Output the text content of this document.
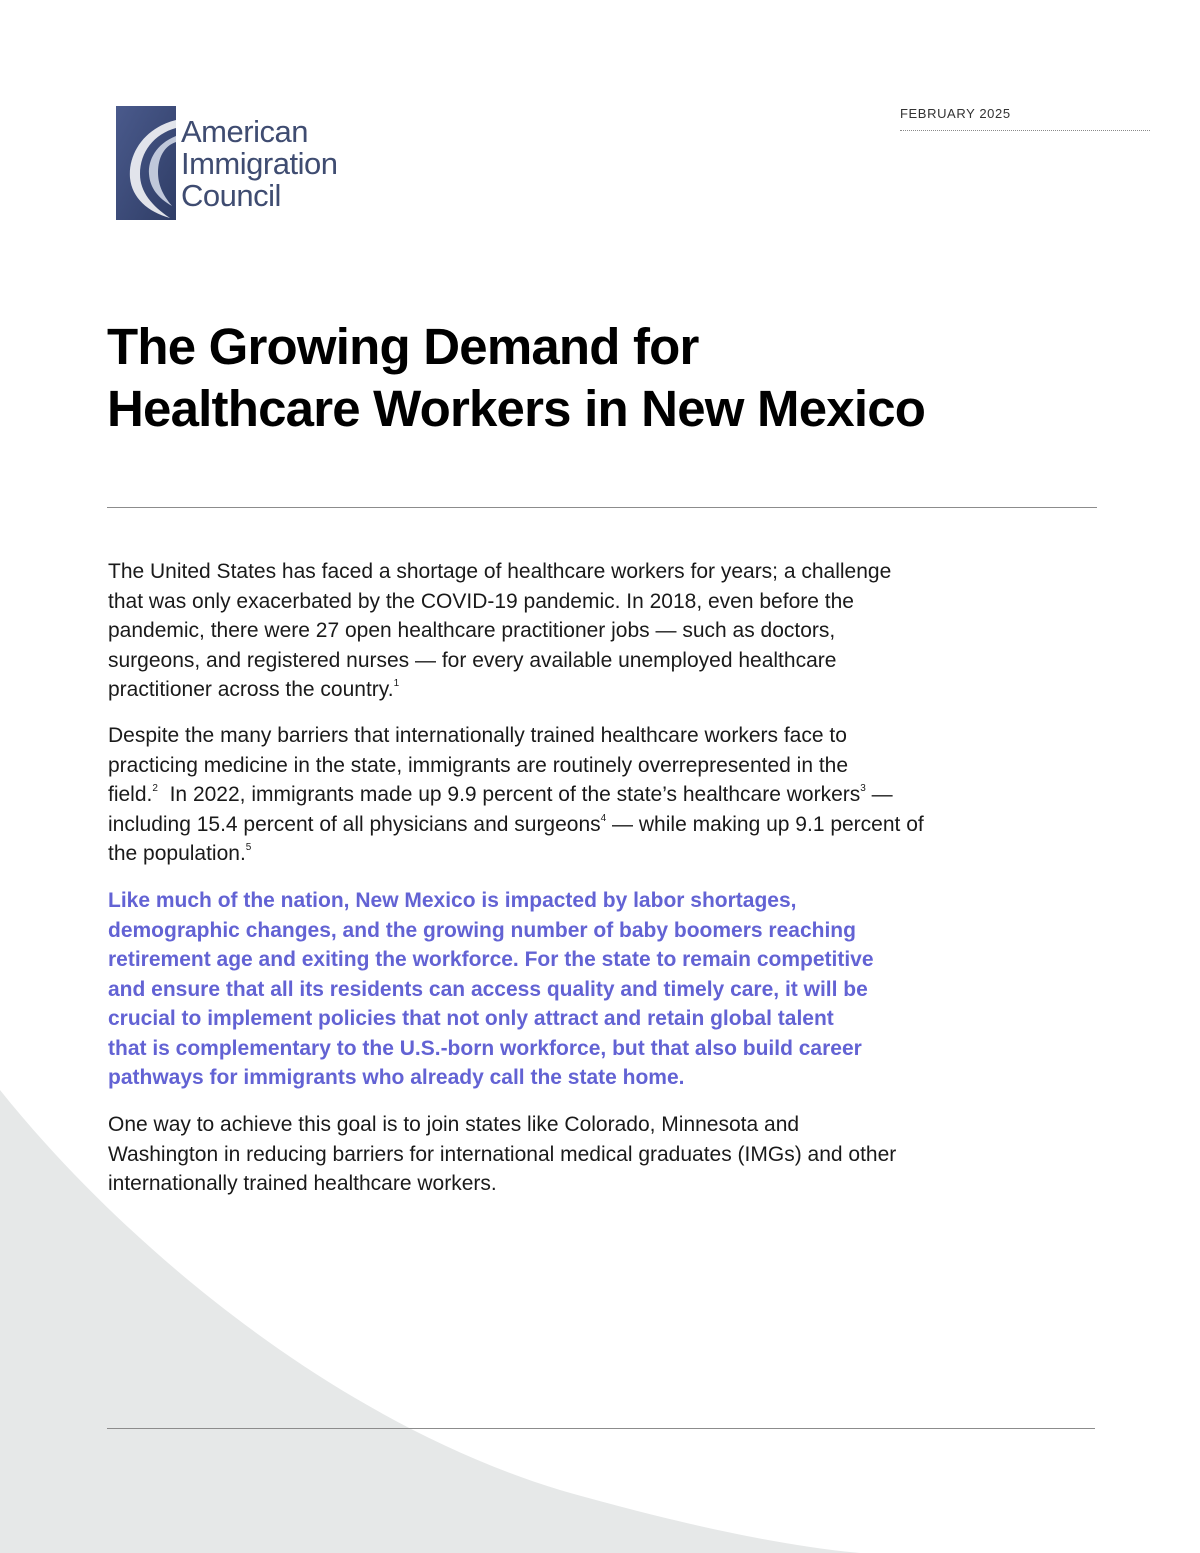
American
Immigration
Council
FEBRUARY 2025
The Growing Demand for
Healthcare Workers in New Mexico
The United States has faced a shortage of healthcare workers for years; a challenge
that was only exacerbated by the COVID-19 pandemic. In 2018, even before the
pandemic, there were 27 open healthcare practitioner jobs — such as doctors,
surgeons, and registered nurses — for every available unemployed healthcare
practitioner across the country.$^1$
Despite the many barriers that internationally trained healthcare workers face to
practicing medicine in the state, immigrants are routinely overrepresented in the
field.$^2$  In 2022, immigrants made up 9.9 percent of the state’s healthcare workers$^3$ —
including 15.4 percent of all physicians and surgeons$^4$ — while making up 9.1 percent of
the population.$^5$
Like much of the nation, New Mexico is impacted by labor shortages,
demographic changes, and the growing number of baby boomers reaching
retirement age and exiting the workforce. For the state to remain competitive
and ensure that all its residents can access quality and timely care, it will be
crucial to implement policies that not only attract and retain global talent
that is complementary to the U.S.-born workforce, but that also build career
pathways for immigrants who already call the state home.
One way to achieve this goal is to join states like Colorado, Minnesota and
Washington in reducing barriers for international medical graduates (IMGs) and other
internationally trained healthcare workers.
